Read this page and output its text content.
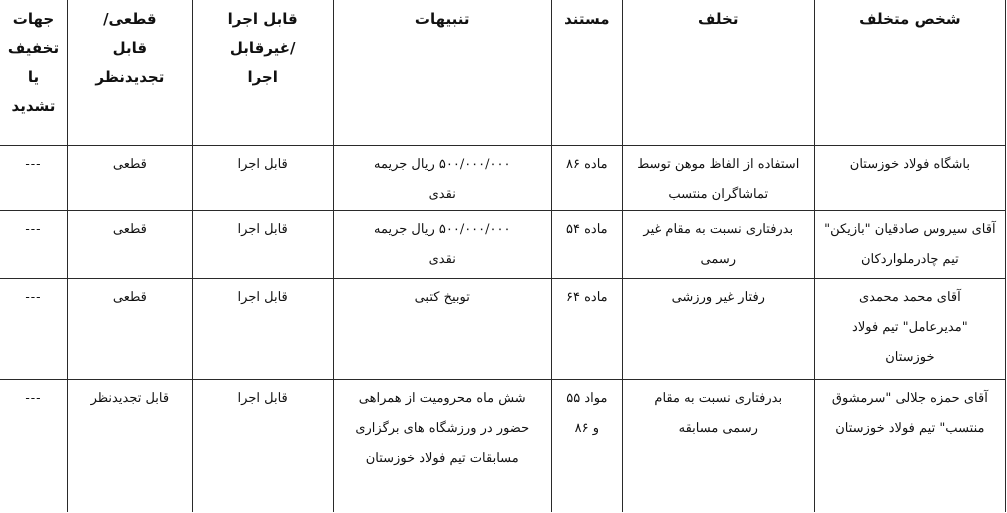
شخص متخلف	تخلف	مستند	تنبیهات	قابل اجرا /غیرقابل اجرا	قطعی/قابل تجدیدنظر	جهات تخفیف یا تشدید
باشگاه فولاد خوزستان	استفاده از الفاظ موهن توسط تماشاگران منتسب	ماده ۸۶	۵۰۰/۰۰۰/۰۰۰ ریال جریمه نقدی	قابل اجرا	قطعی	---
آقای سیروس صادقیان "بازیکن" تیم چادرملواردکان	بدرفتاری نسبت به مقام غیر رسمی	ماده ۵۴	۵۰۰/۰۰۰/۰۰۰ ریال جریمه نقدی	قابل اجرا	قطعی	---
آقای محمد محمدی "مدیرعامل" تیم فولاد خوزستان	رفتار غیر ورزشی	ماده ۶۴	توبیخ کتبی	قابل اجرا	قطعی	---
آقای حمزه جلالی "سرمشوق منتسب" تیم فولاد خوزستان	بدرفتاری نسبت به مقام رسمی مسابقه	مواد ۵۵ و ۸۶	شش ماه محرومیت از همراهی حضور در ورزشگاه های برگزاری مسابقات تیم فولاد خوزستان	قابل اجرا	قابل تجدیدنظر	---
